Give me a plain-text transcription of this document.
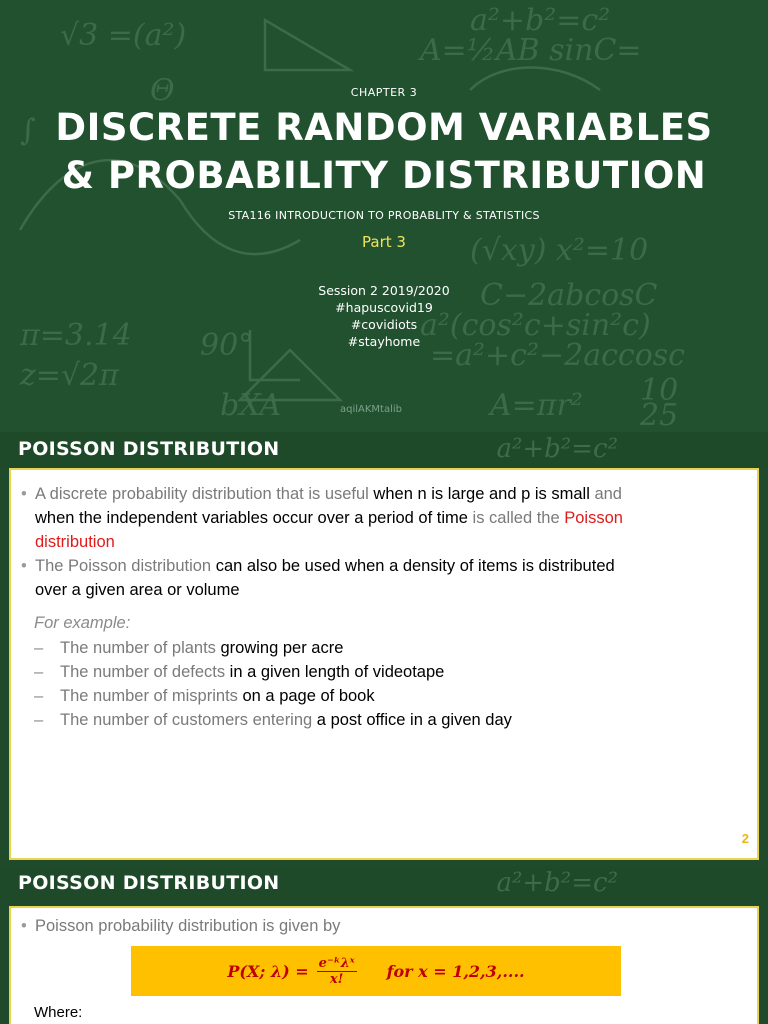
√3 =(a²)	a²+b²=c²
A=½AB sinC=
(√xy) x²=10
C−2abcosC
a²(cos²c+sin²c)
=a²+c²−2accosc
π=3.14 90°
z=√2π
bXA	A=πr² 10
25
∫
Θ	CHAPTER 3
DISCRETE RANDOM VARIABLES
& PROBABILITY DISTRIBUTION
STA116 INTRODUCTION TO PROBABLITY & STATISTICS
Part 3
Session 2 2019/2020
#hapuscovid19
#covidiots
#stayhome
aqilAKMtalib
POISSON DISTRIBUTION	a²+b²=c²
• A discrete probability distribution that is useful when n is large and p is small and
when the independent variables occur over a period of time is called the Poisson
distribution
• The Poisson distribution can also be used when a density of items is distributed
over a given area or volume
For example:
– The number of plants growing per acre
– The number of defects in a given length of videotape
– The number of misprints on a page of book
– The number of customers entering a post office in a given day
2
POISSON DISTRIBUTION	a²+b²=c²
• Poisson probability distribution is given by
P(X; $\lambda) = \frac{\text{e⁻ᵏλˣ}}{x!}$ for x = 1,2,3,....
Where:
